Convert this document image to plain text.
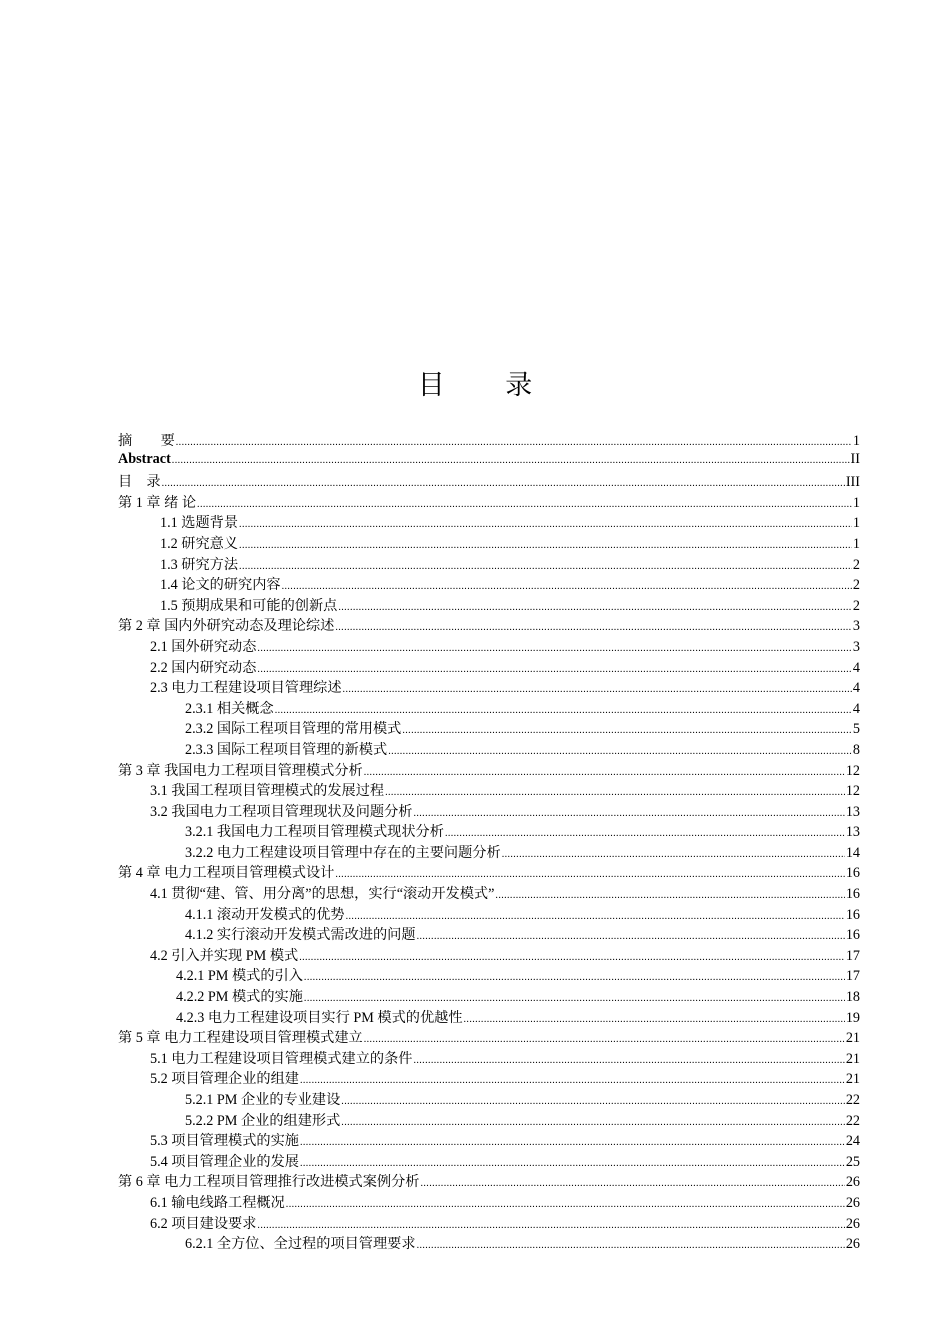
目 录
摘　　要 .....	1
Abstract .....	II
目　录 .....	III
第 1 章 绪 论 .....	1
1.1 选题背景 .....	1
1.2 研究意义 .....	1
1.3 研究方法 .....	2
1.4 论文的研究内容 .....	2
1.5 预期成果和可能的创新点 .....	2
第 2 章 国内外研究动态及理论综述 .....	3
2.1 国外研究动态 .....	3
2.2 国内研究动态 .....	4
2.3 电力工程建设项目管理综述 .....	4
2.3.1 相关概念 .....	4
2.3.2 国际工程项目管理的常用模式 .....	5
2.3.3 国际工程项目管理的新模式 .....	8
第 3 章 我国电力工程项目管理模式分析 .....	12
3.1 我国工程项目管理模式的发展过程 .....	12
3.2 我国电力工程项目管理现状及问题分析 .....	13
3.2.1 我国电力工程项目管理模式现状分析 .....	13
3.2.2 电力工程建设项目管理中存在的主要问题分析 .....	14
第 4 章 电力工程项目管理模式设计 .....	16
4.1 贯彻“建、管、用分离”的思想，实行“滚动开发模式” .....	16
4.1.1 滚动开发模式的优势 .....	16
4.1.2 实行滚动开发模式需改进的问题 .....	16
4.2 引入并实现 PM 模式 .....	17
4.2.1 PM 模式的引入 .....	17
4.2.2 PM 模式的实施 .....	18
4.2.3 电力工程建设项目实行 PM 模式的优越性 .....	19
第 5 章 电力工程建设项目管理模式建立 .....	21
5.1 电力工程建设项目管理模式建立的条件 .....	21
5.2 项目管理企业的组建 .....	21
5.2.1 PM 企业的专业建设 .....	22
5.2.2 PM 企业的组建形式 .....	22
5.3 项目管理模式的实施 .....	24
5.4 项目管理企业的发展 .....	25
第 6 章 电力工程项目管理推行改进模式案例分析 .....	26
6.1 输电线路工程概况 .....	26
6.2 项目建设要求 .....	26
6.2.1 全方位、全过程的项目管理要求 .....	26
